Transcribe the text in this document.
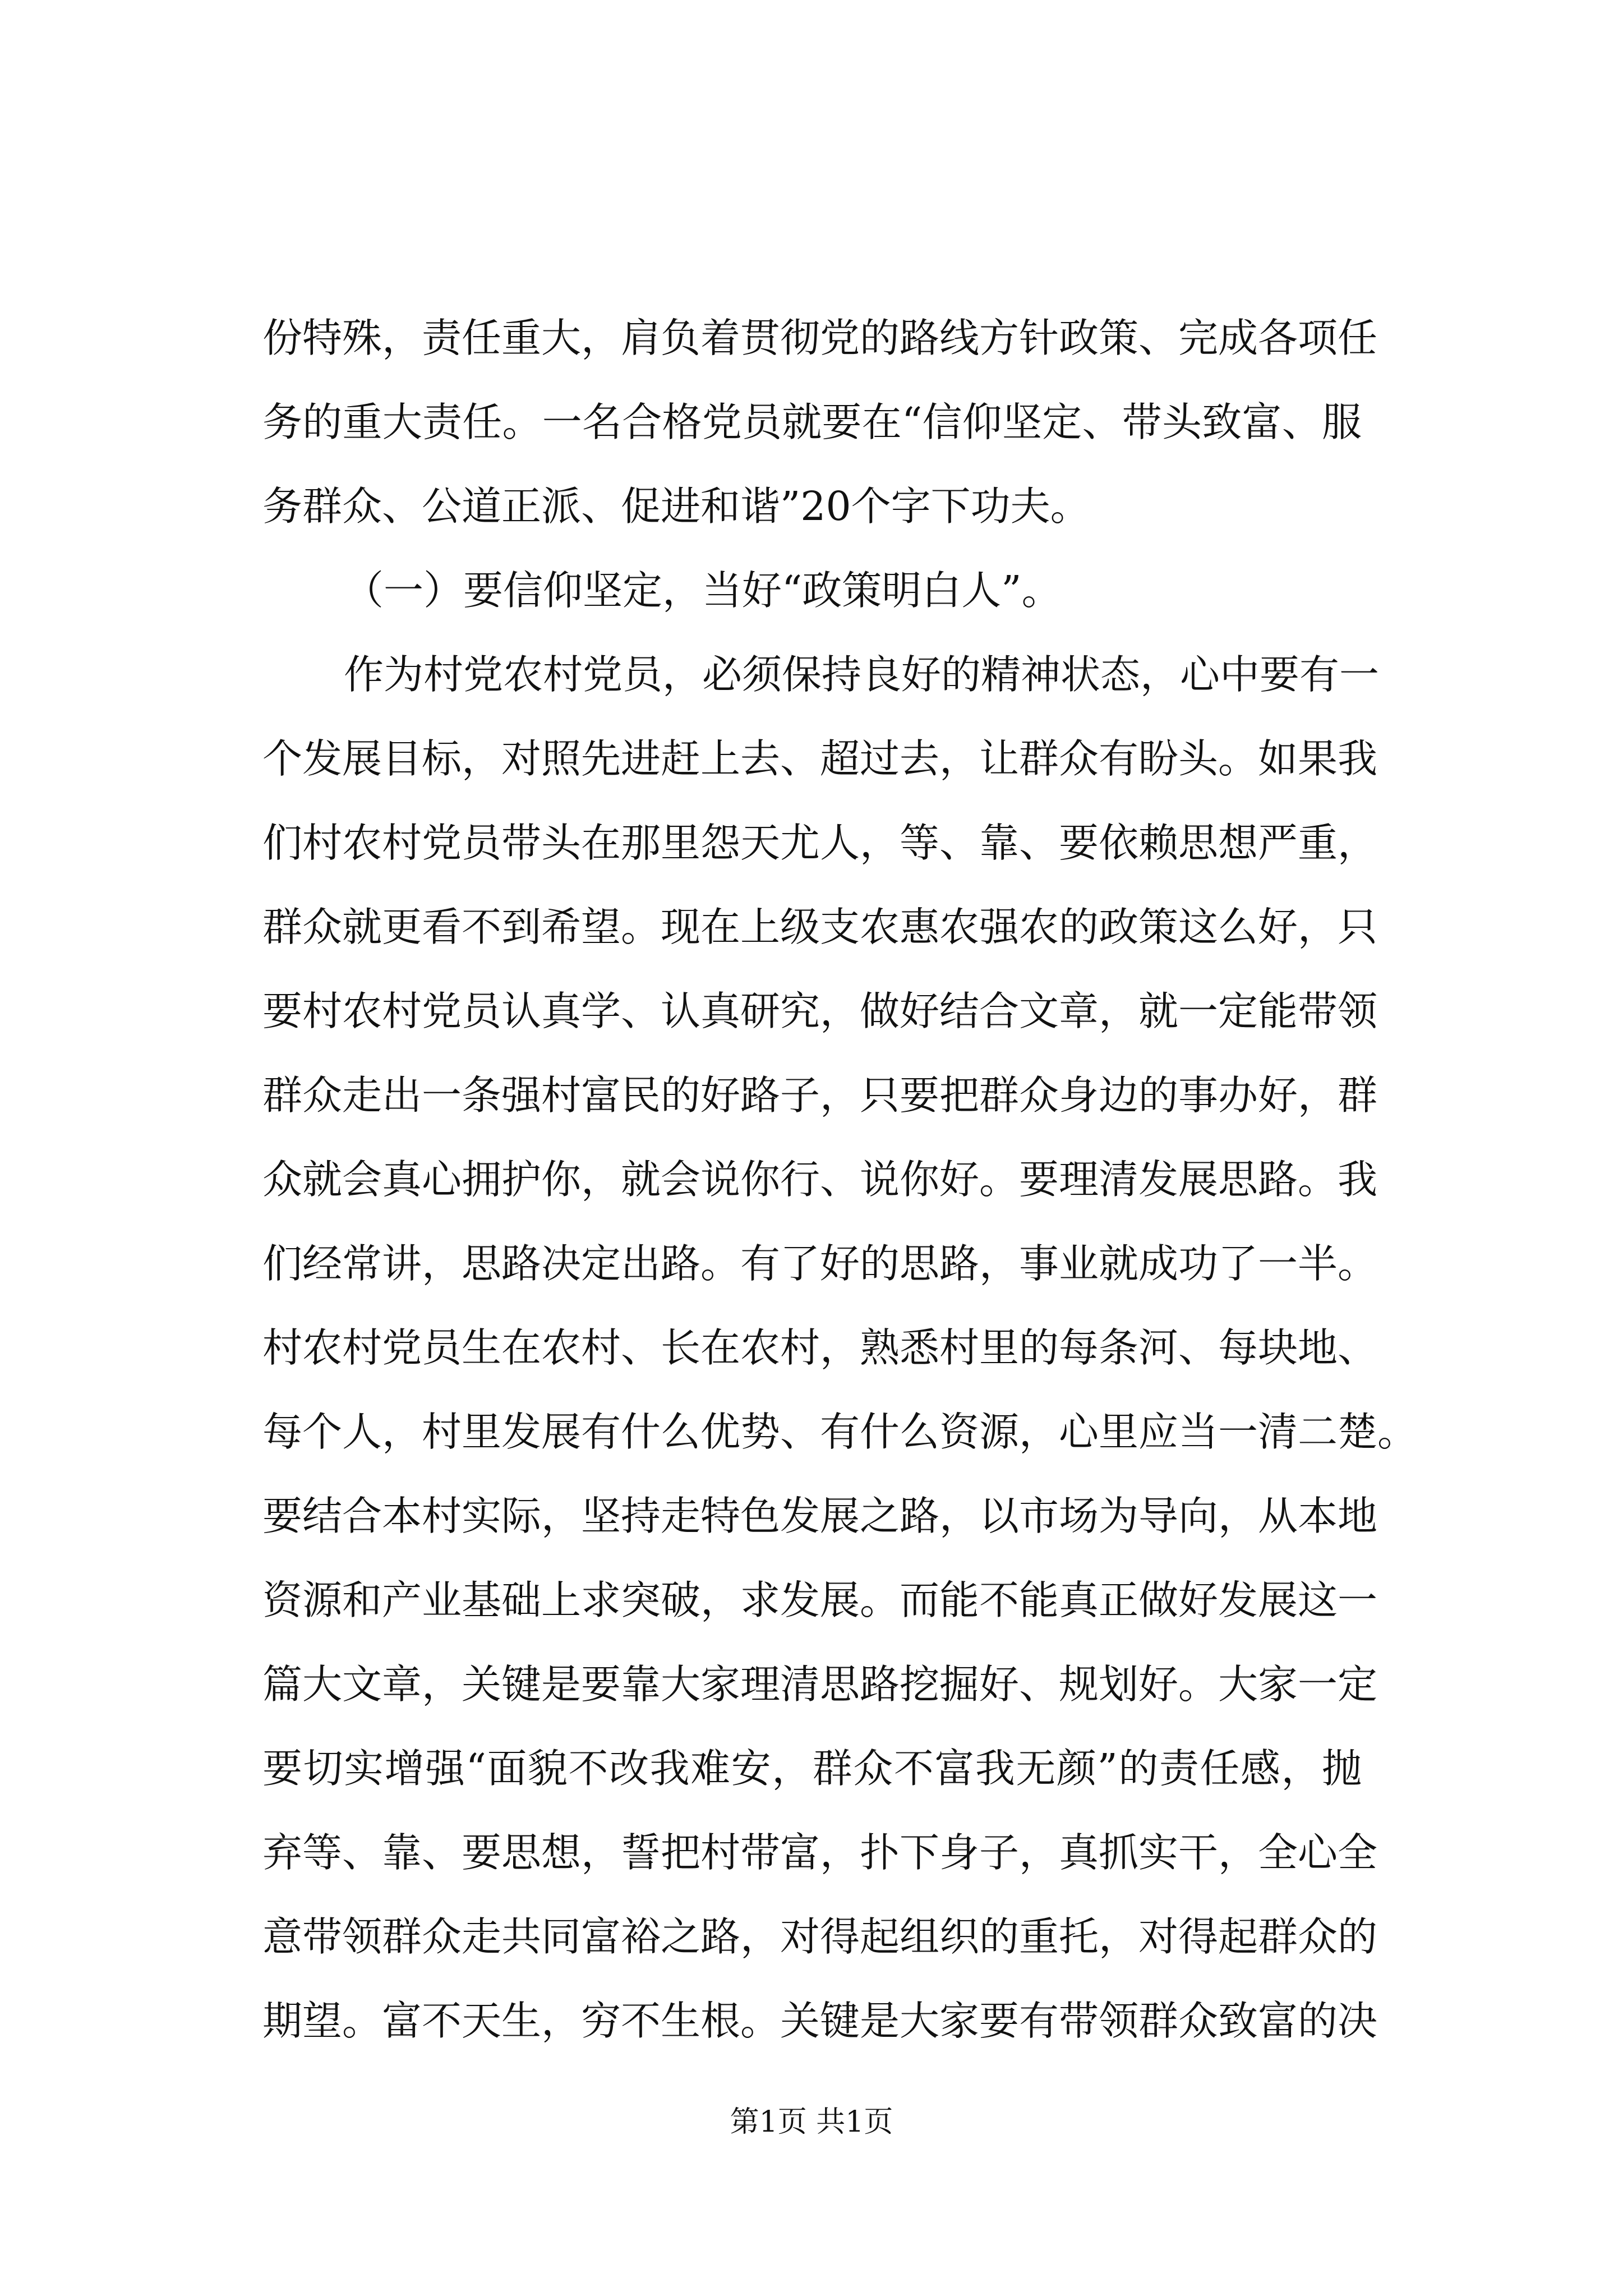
份特殊，责任重大，肩负着贯彻党的路线方针政策、完成各项任
务的重大责任。一名合格党员就要在“信仰坚定、带头致富、服
务群众、公道正派、促进和谐”20个字下功夫。
（一）要信仰坚定，当好“政策明白人”。
作为村党农村党员，必须保持良好的精神状态，心中要有一
个发展目标，对照先进赶上去、超过去，让群众有盼头。如果我
们村农村党员带头在那里怨天尤人，等、靠、要依赖思想严重，
群众就更看不到希望。现在上级支农惠农强农的政策这么好，只
要村农村党员认真学、认真研究，做好结合文章，就一定能带领
群众走出一条强村富民的好路子，只要把群众身边的事办好，群
众就会真心拥护你，就会说你行、说你好。要理清发展思路。我
们经常讲，思路决定出路。有了好的思路，事业就成功了一半。
村农村党员生在农村、长在农村，熟悉村里的每条河、每块地、
每个人，村里发展有什么优势、有什么资源，心里应当一清二楚。
要结合本村实际，坚持走特色发展之路，以市场为导向，从本地
资源和产业基础上求突破，求发展。而能不能真正做好发展这一
篇大文章，关键是要靠大家理清思路挖掘好、规划好。大家一定
要切实增强“面貌不改我难安，群众不富我无颜”的责任感，抛
弃等、靠、要思想，誓把村带富，扑下身子，真抓实干，全心全
意带领群众走共同富裕之路，对得起组织的重托，对得起群众的
期望。富不天生，穷不生根。关键是大家要有带领群众致富的决
第1页 共1页
